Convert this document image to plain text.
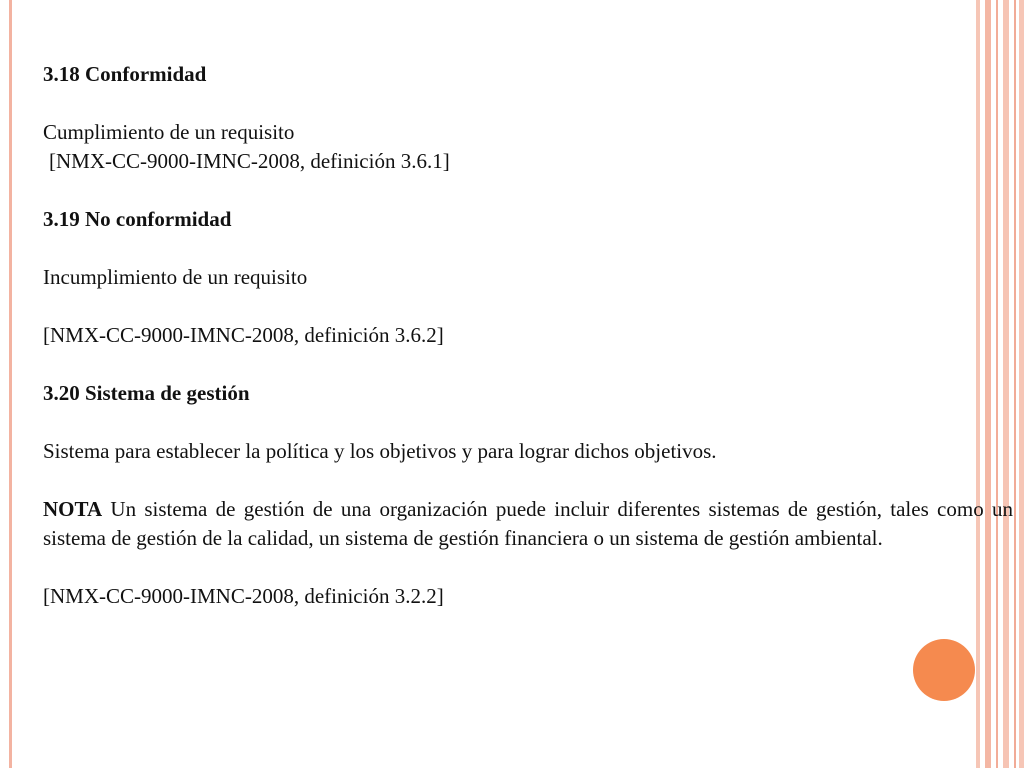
3.18 Conformidad
Cumplimiento de un requisito
[NMX-CC-9000-IMNC-2008, definición 3.6.1]
3.19 No conformidad
Incumplimiento de un requisito
[NMX-CC-9000-IMNC-2008, definición 3.6.2]
3.20 Sistema de gestión
Sistema para establecer la política y los objetivos y para lograr dichos objetivos.
NOTA Un sistema de gestión de una organización puede incluir diferentes sistemas de gestión, tales como un sistema de gestión de la calidad, un sistema de gestión financiera o un sistema de gestión ambiental.
[NMX-CC-9000-IMNC-2008, definición 3.2.2]
